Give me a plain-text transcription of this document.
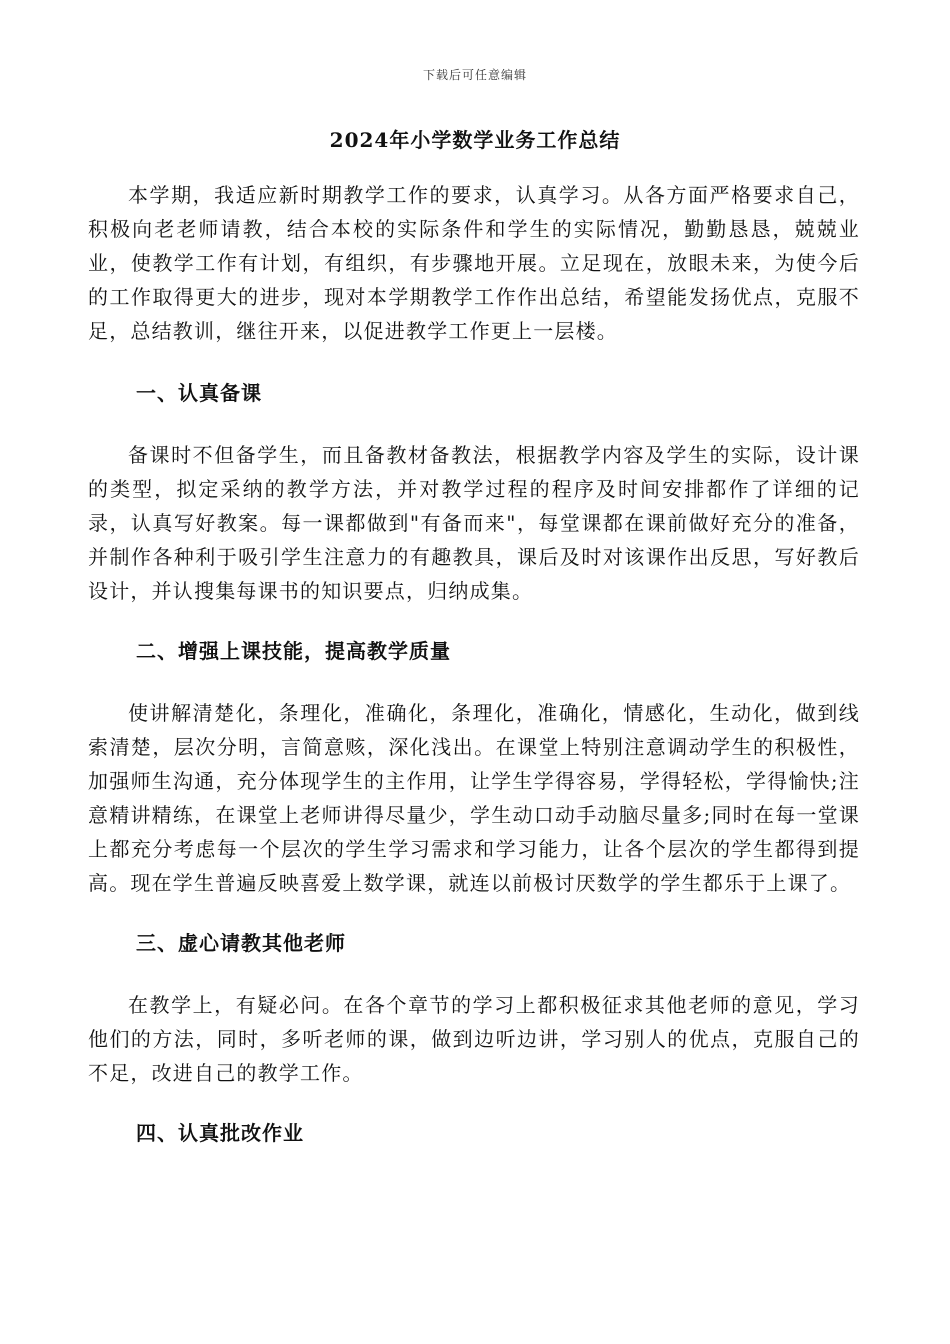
下载后可任意编辑
2024年小学数学业务工作总结

本学期，我适应新时期教学工作的要求，认真学习。从各方面严格要求自己，积极向老老师请教，结合本校的实际条件和学生的实际情况，勤勤恳恳，兢兢业业，使教学工作有计划，有组织，有步骤地开展。立足现在，放眼未来，为使今后的工作取得更大的进步，现对本学期教学工作作出总结，希望能发扬优点，克服不足，总结教训，继往开来，以促进教学工作更上一层楼。

一、认真备课

备课时不但备学生，而且备教材备教法，根据教学内容及学生的实际，设计课的类型，拟定采纳的教学方法，并对教学过程的程序及时间安排都作了详细的记录，认真写好教案。每一课都做到"有备而来"，每堂课都在课前做好充分的准备，并制作各种利于吸引学生注意力的有趣教具，课后及时对该课作出反思，写好教后设计，并认搜集每课书的知识要点，归纳成集。

二、增强上课技能，提高教学质量

使讲解清楚化，条理化，准确化，条理化，准确化，情感化，生动化，做到线索清楚，层次分明，言简意赅，深化浅出。在课堂上特别注意调动学生的积极性，加强师生沟通，充分体现学生的主作用，让学生学得容易，学得轻松，学得愉快;注意精讲精练，在课堂上老师讲得尽量少，学生动口动手动脑尽量多;同时在每一堂课上都充分考虑每一个层次的学生学习需求和学习能力，让各个层次的学生都得到提高。现在学生普遍反映喜爱上数学课，就连以前极讨厌数学的学生都乐于上课了。

三、虚心请教其他老师

在教学上，有疑必问。在各个章节的学习上都积极征求其他老师的意见，学习他们的方法，同时，多听老师的课，做到边听边讲，学习别人的优点，克服自己的不足，改进自己的教学工作。

四、认真批改作业
